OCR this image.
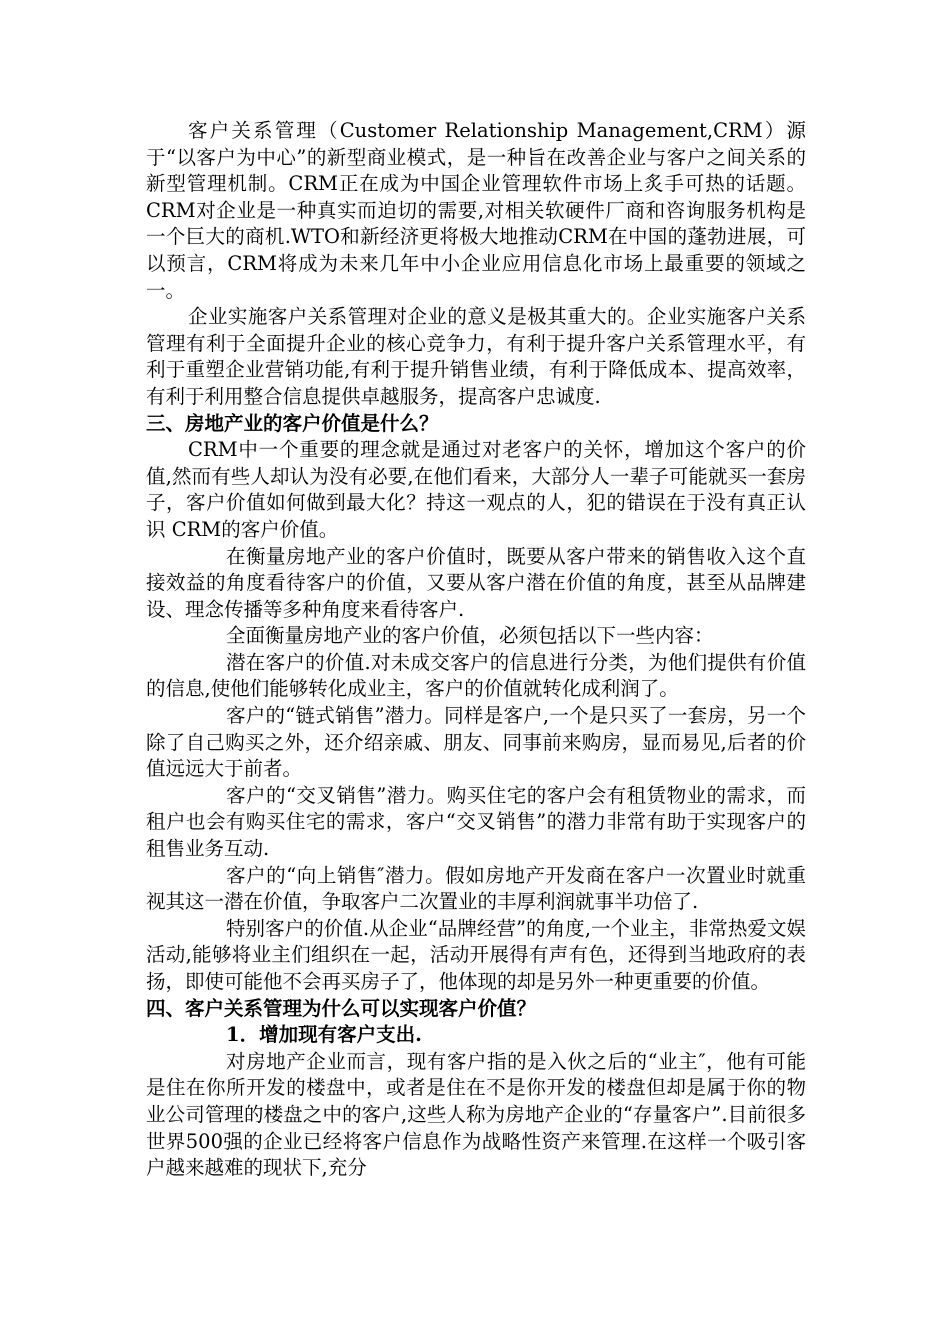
客户关系管理（Customer Relationship Management,CRM）源于“以客户为中心”的新型商业模式，是一种旨在改善企业与客户之间关系的新型管理机制。CRM正在成为中国企业管理软件市场上炙手可热的话题。CRM对企业是一种真实而迫切的需要,对相关软硬件厂商和咨询服务机构是一个巨大的商机.WTO和新经济更将极大地推动CRM在中国的蓬勃进展，可以预言，CRM将成为未来几年中小企业应用信息化市场上最重要的领域之一。

企业实施客户关系管理对企业的意义是极其重大的。企业实施客户关系管理有利于全面提升企业的核心竞争力，有利于提升客户关系管理水平，有利于重塑企业营销功能,有利于提升销售业绩，有利于降低成本、提高效率，有利于利用整合信息提供卓越服务，提高客户忠诚度.

三、房地产业的客户价值是什么？

CRM中一个重要的理念就是通过对老客户的关怀，增加这个客户的价值,然而有些人却认为没有必要,在他们看来，大部分人一辈子可能就买一套房子，客户价值如何做到最大化？持这一观点的人，犯的错误在于没有真正认识 CRM的客户价值。

在衡量房地产业的客户价值时，既要从客户带来的销售收入这个直接效益的角度看待客户的价值，又要从客户潜在价值的角度，甚至从品牌建设、理念传播等多种角度来看待客户.

全面衡量房地产业的客户价值，必须包括以下一些内容：

潜在客户的价值.对未成交客户的信息进行分类，为他们提供有价值的信息,使他们能够转化成业主，客户的价值就转化成利润了。

客户的“链式销售”潜力。同样是客户,一个是只买了一套房，另一个除了自己购买之外，还介绍亲戚、朋友、同事前来购房，显而易见,后者的价值远远大于前者。

客户的“交叉销售”潜力。购买住宅的客户会有租赁物业的需求，而租户也会有购买住宅的需求，客户“交叉销售”的潜力非常有助于实现客户的租售业务互动.

客户的“向上销售″潜力。假如房地产开发商在客户一次置业时就重视其这一潜在价值，争取客户二次置业的丰厚利润就事半功倍了.

特别客户的价值.从企业“品牌经营”的角度,一个业主，非常热爱文娱活动,能够将业主们组织在一起，活动开展得有声有色，还得到当地政府的表扬，即使可能他不会再买房子了，他体现的却是另外一种更重要的价值。

四、客户关系管理为什么可以实现客户价值？

1．增加现有客户支出.

对房地产企业而言，现有客户指的是入伙之后的“业主″，他有可能是住在你所开发的楼盘中，或者是住在不是你开发的楼盘但却是属于你的物业公司管理的楼盘之中的客户,这些人称为房地产企业的“存量客户”.目前很多世界500强的企业已经将客户信息作为战略性资产来管理.在这样一个吸引客户越来越难的现状下,充分
